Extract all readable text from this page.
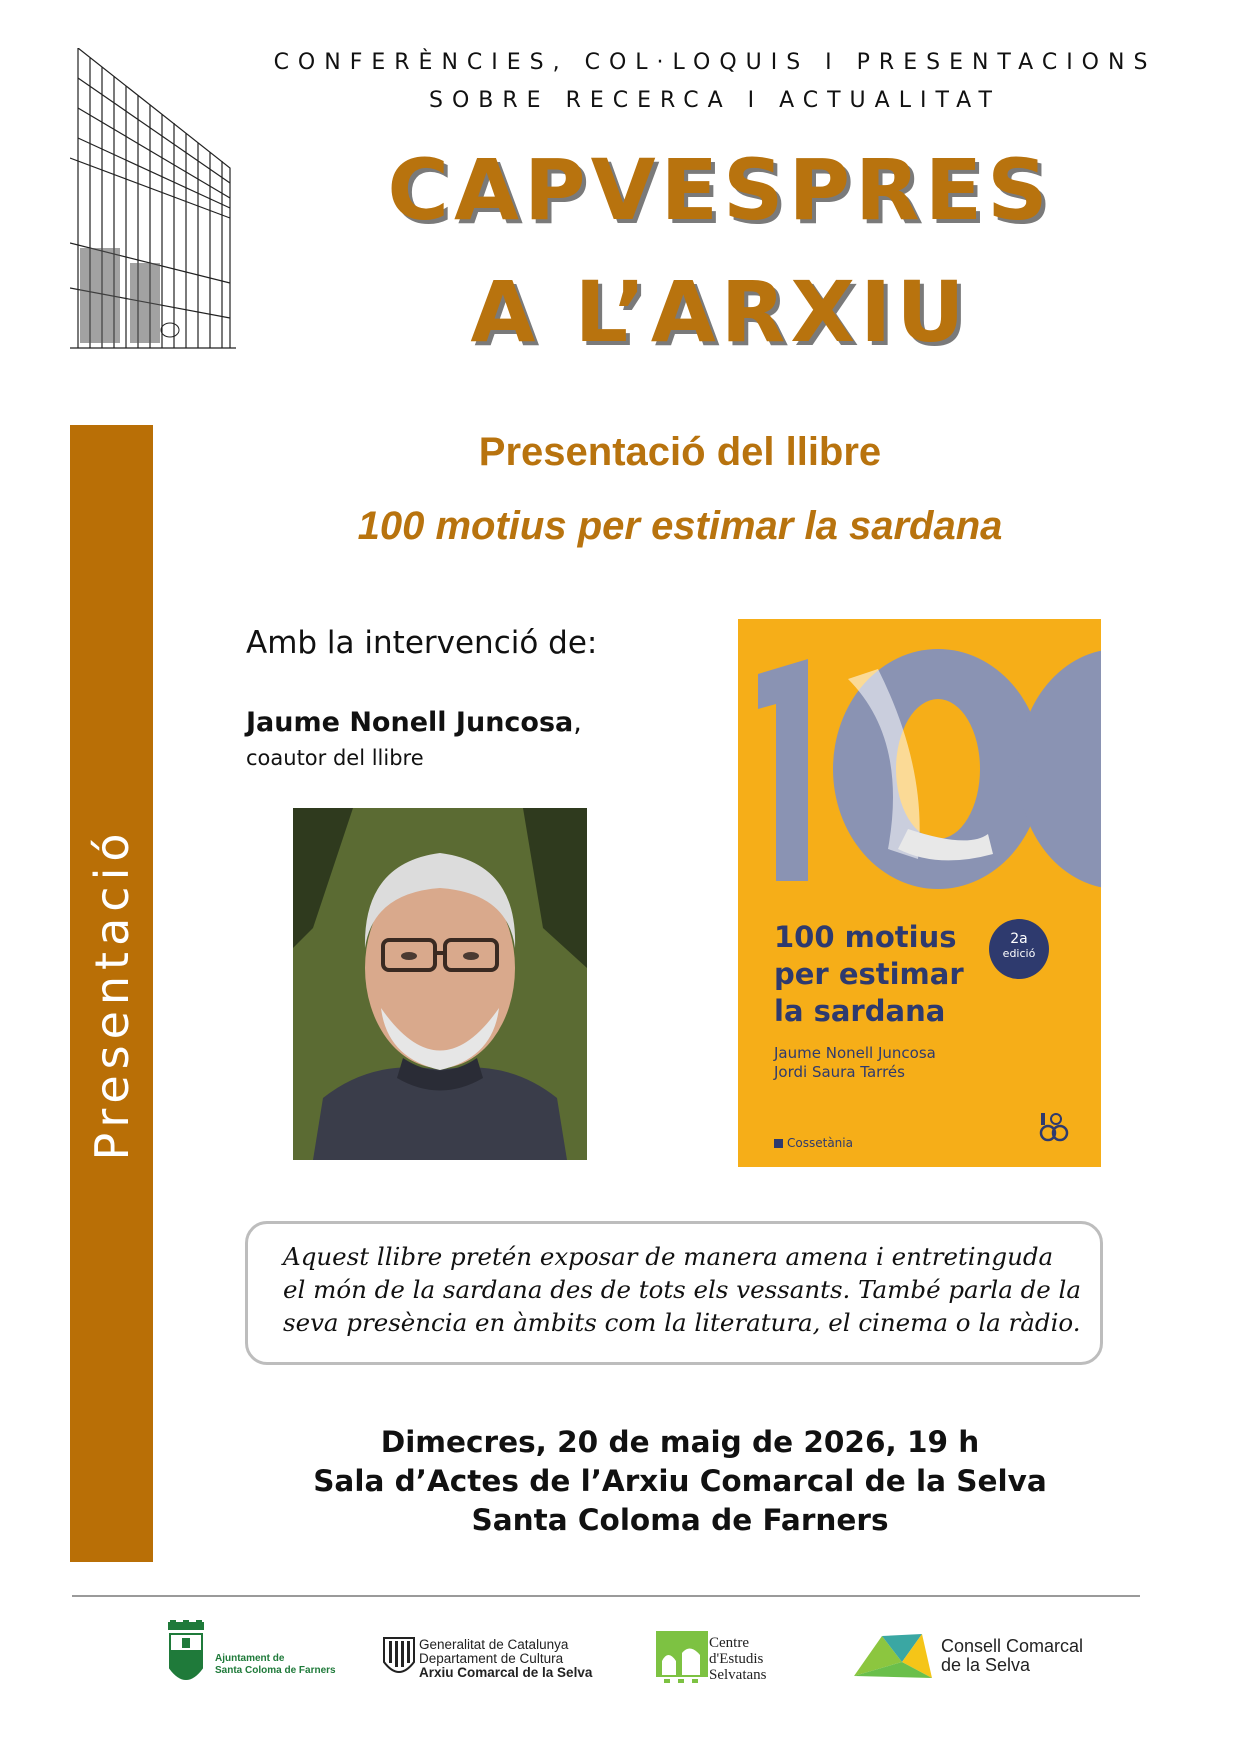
CONFERÈNCIES, COL·LOQUIS I PRESENTACIONS
SOBRE RECERCA I ACTUALITAT
CAPVESPRES
A L’ARXIU
Presentació
Presentació del llibre
100 motius per estimar la sardana
Amb la intervenció de:
Jaume Nonell Juncosa,
coautor del llibre
100 motius
per estimar
la sardana
2a
edició
Jaume Nonell Juncosa
Jordi Saura Tarrés
Cossetània
Aquest llibre pretén exposar de manera amena i entretinguda el món de la sardana des de tots els vessants. També parla de la seva presència en àmbits com la literatura, el cinema o la ràdio.
Dimecres, 20 de maig de 2026, 19 h
Sala d’Actes de l’Arxiu Comarcal de la Selva
Santa Coloma de Farners
Ajuntament de
Santa Coloma de Farners
Generalitat de Catalunya
Departament de Cultura
Arxiu Comarcal de la Selva
Centre
d'Estudis
Selvatans
Consell Comarcal
de la Selva
